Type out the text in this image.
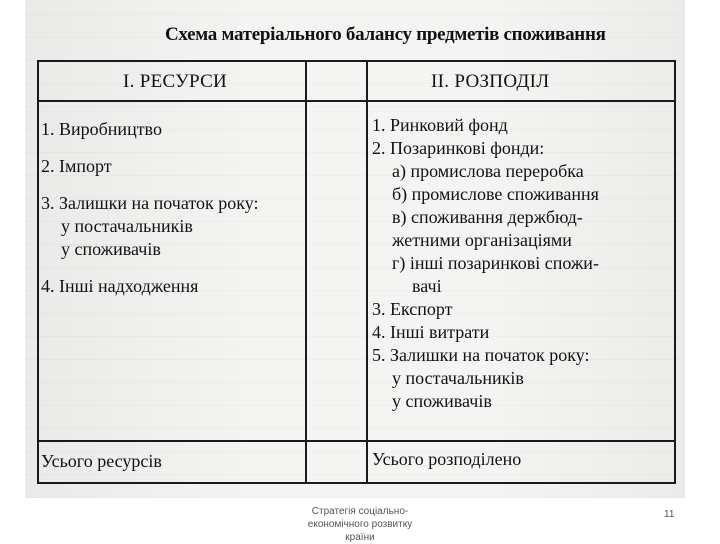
Схема матеріального балансу предметів споживання
І. РЕСУРСИ	ІІ. РОЗПОДІЛ
1. Виробництво
2. Імпорт
3. Залишки на початок року:
у постачальників
у споживачів
4. Інші надходження
1. Ринковий фонд
2. Позаринкові фонди:
а) промислова переробка
б) промислове споживання
в) споживання держбюд-
жетними організаціями
г) інші позаринкові спожи-
вачі
3. Експорт
4. Інші витрати
5. Залишки на початок року:
у постачальників
у споживачів
Усього ресурсів	Усього розподілено
Стратегія соціально-економічного розвитку країни
11
